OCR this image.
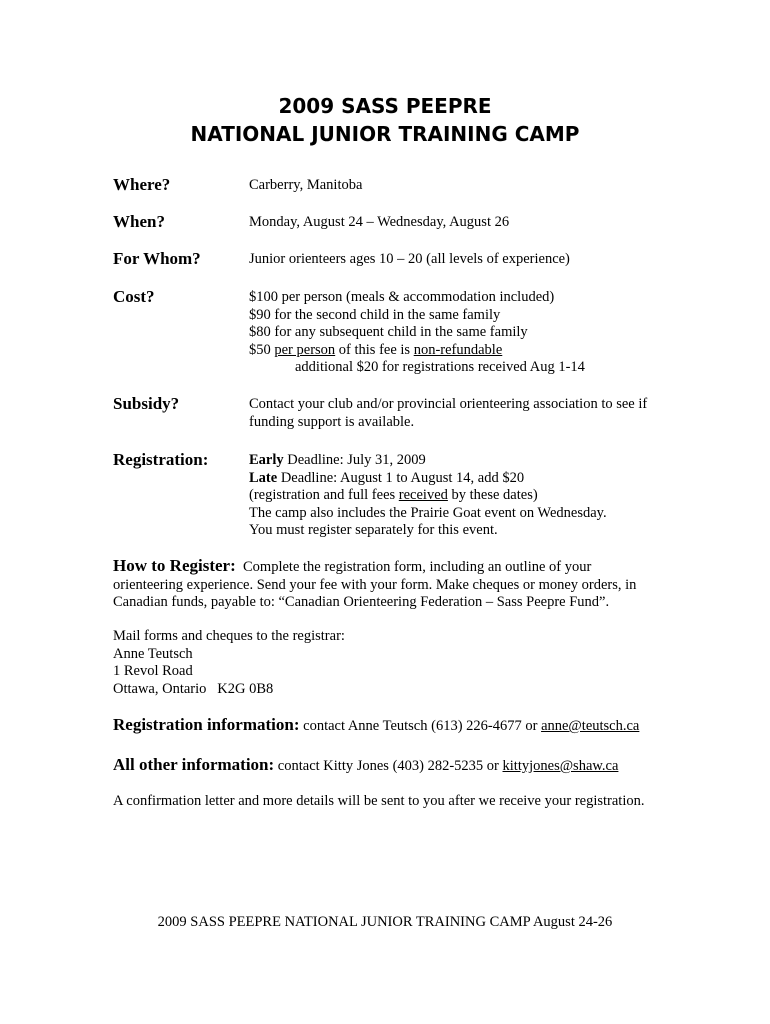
2009 SASS PEEPRE
NATIONAL JUNIOR TRAINING CAMP
Where?	Carberry, Manitoba
When?	Monday, August 24 – Wednesday, August 26
For Whom?	Junior orienteers ages 10 – 20 (all levels of experience)
Cost?	$100 per person (meals & accommodation included)
$90 for the second child in the same family
$80 for any subsequent child in the same family
$50 per person of this fee is non-refundable
additional $20 for registrations received Aug 1-14
Subsidy?	Contact your club and/or provincial orienteering association to see if
funding support is available.
Registration:	Early Deadline: July 31, 2009
Late Deadline: August 1 to August 14, add $20
(registration and full fees received by these dates)
The camp also includes the Prairie Goat event on Wednesday.
You must register separately for this event.
How to Register:  Complete the registration form, including an outline of your
orienteering experience. Send your fee with your form. Make cheques or money orders, in
Canadian funds, payable to: “Canadian Orienteering Federation – Sass Peepre Fund”.
Mail forms and cheques to the registrar:
Anne Teutsch
1 Revol Road
Ottawa, Ontario   K2G 0B8
Registration information: contact Anne Teutsch (613) 226-4677 or anne@teutsch.ca
All other information: contact Kitty Jones (403) 282-5235 or kittyjones@shaw.ca
A confirmation letter and more details will be sent to you after we receive your registration.
2009 SASS PEEPRE NATIONAL JUNIOR TRAINING CAMP August 24-26
